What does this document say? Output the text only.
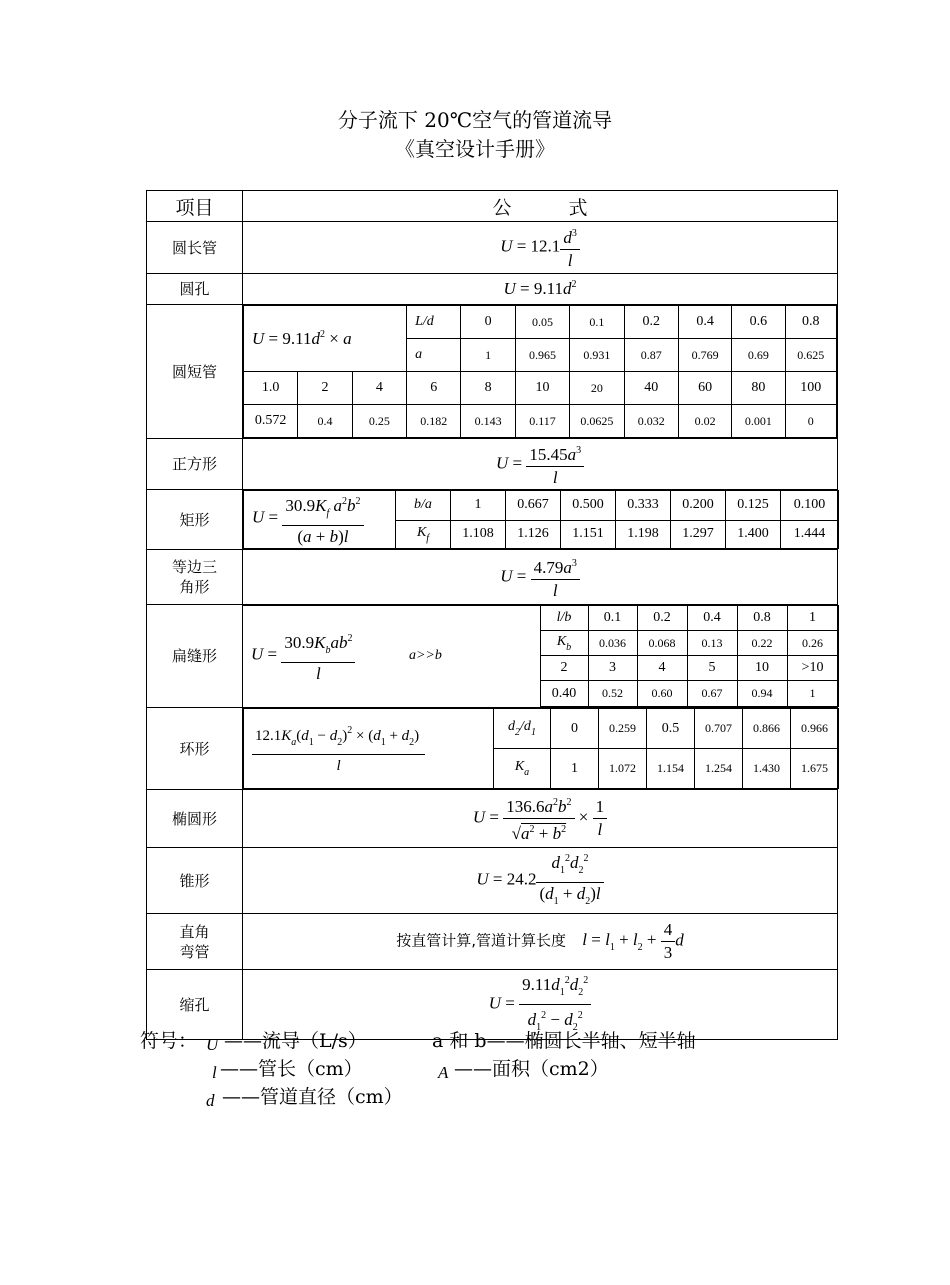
分子流下 20℃空气的管道流导
《真空设计手册》
项目	公　　　式
圆长管	$U = 12.1 \frac{d^3}{l}$

圆孔	$U = 9.11d^2$
圆短管	
$U = 9.11d^2 \times a$	L/d	0	0.05	0.1	0.2	0.4	0.6	0.8
a	1	0.965	0.931	0.87	0.769	0.69	0.625
1.0	2	4	6	8	10	20	40	60	80	100
0.572	0.4	0.25	0.182	0.143	0.117	0.0625	0.032	0.02	0.001	0

正方形	$U = \frac{15.45a^3}{l}$

矩形		$U = \frac{30.9K_f a^2b^2}{(a + b)l}$	b/a	1	0.667	0.500	0.333	0.200	0.125	0.100
$K_f$	1.108	1.126	1.151	1.198	1.297	1.400	1.444

等边三
角形	$U = \frac{4.79a^3}{l}$

扁缝形	$U = \frac{30.9K_bab^2}{l}$	a>>b	l/b	0.1	0.2	0.4	0.8	1
$K_b$	0.036	0.068	0.13	0.22	0.26
2	3	4	5	10	>10
0.40	0.52	0.60	0.67	0.94	1

环形		$\frac{12.1K_a(d_1 - d_2)^2 \times (d_1 + d_2)}{l}$	$d_2/d_1$	0	0.259	0.5	0.707	0.866	0.966
$K_a$	1	1.072	1.154	1.254	1.430	1.675

椭圆形	$U = \frac{136.6a^2b^2}{√a^2 + b^2} \times \frac{1}{l}$

锥形	$U = 24.2 \frac{d_1^2d_2^2}{(d_1 + d_2)l}$

直角
弯管	按直管计算,管道计算长度 $l = l_1 + l_2 + \frac{4}{3}$ d
缩孔	$U = \frac{9.11d_1^2d_2^2}{d_1^2 - d_2^2}$
符号： U ——流导（L/s）	a 和 b——椭圆长半轴、短半轴
l ——管长（cm）	A ——面积（cm2）
d ——管道直径（cm）
